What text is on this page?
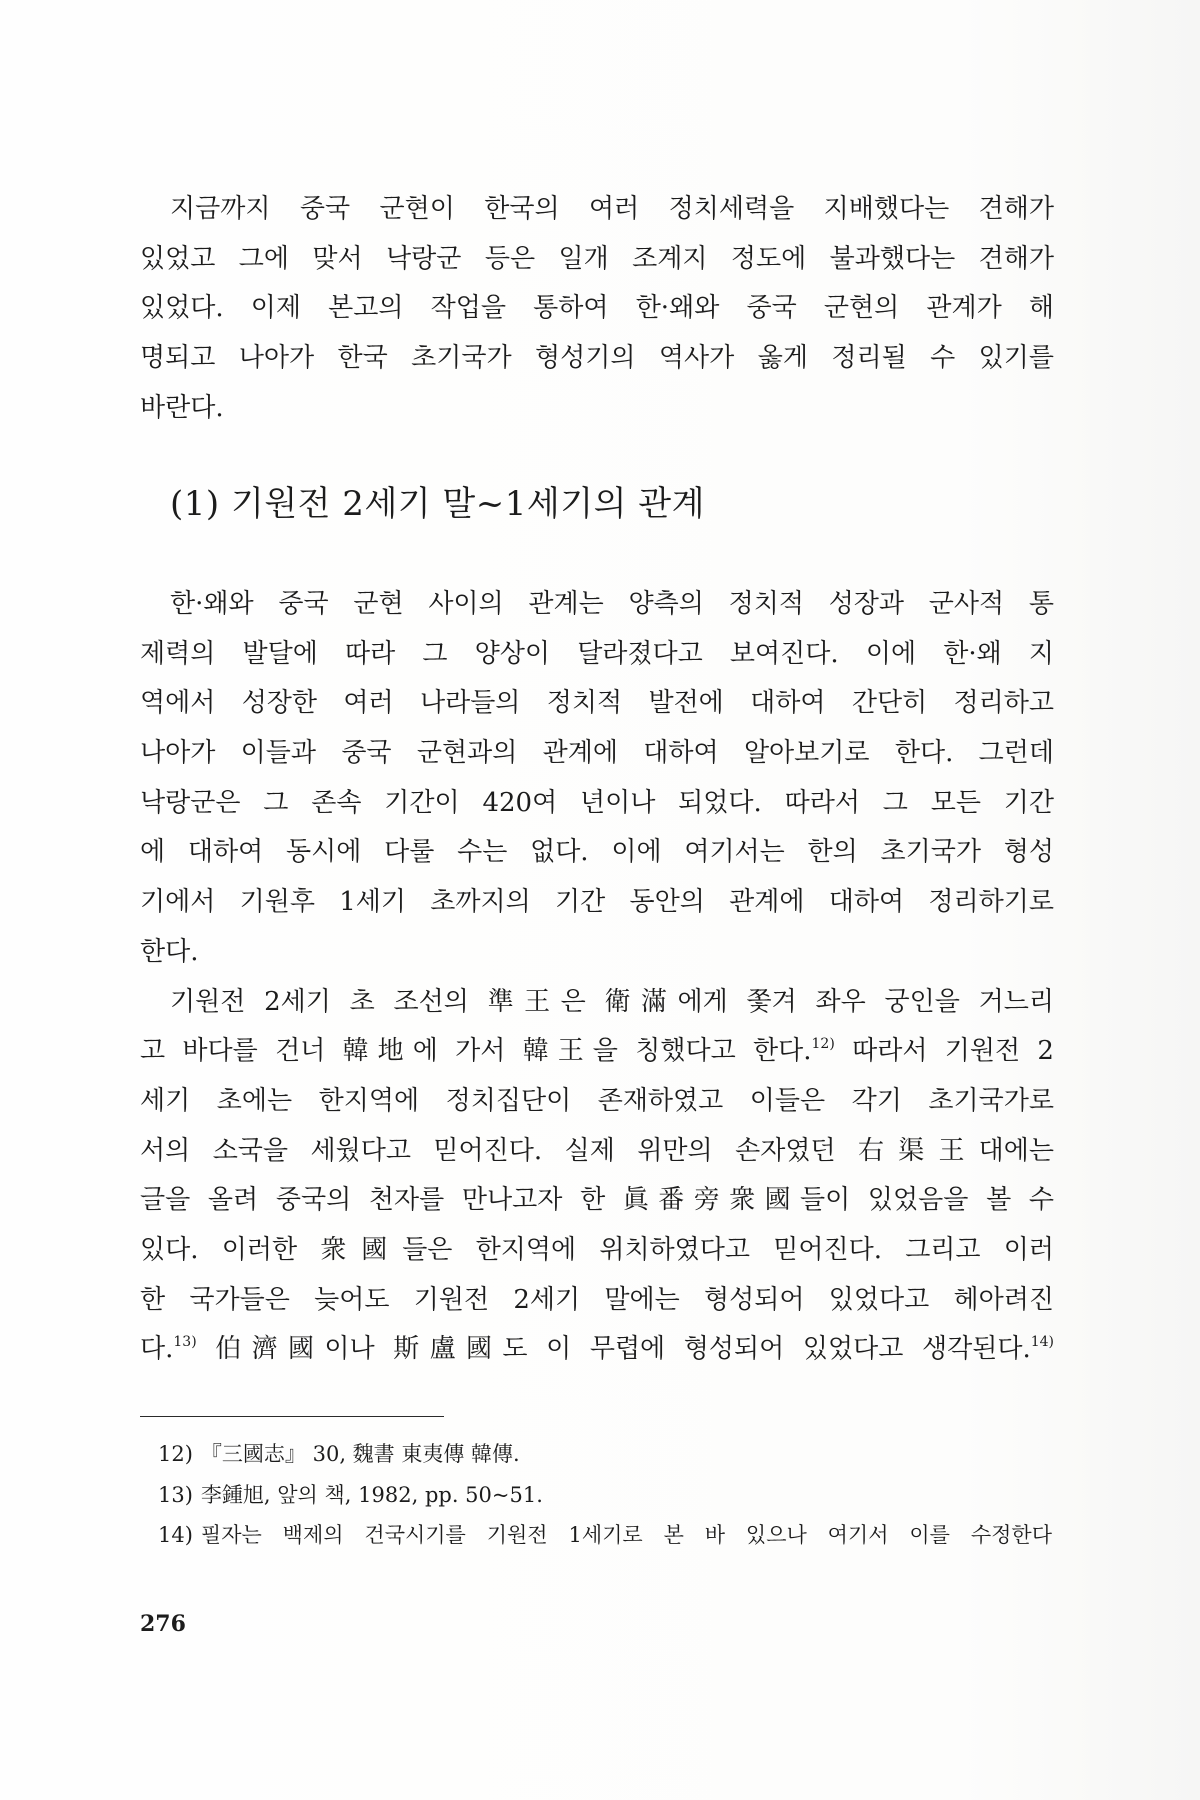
지금까지 중국 군현이 한국의 여러 정치세력을 지배했다는 견해가
있었고 그에 맞서 낙랑군 등은 일개 조계지 정도에 불과했다는 견해가
있었다. 이제 본고의 작업을 통하여 한·왜와 중국 군현의 관계가 해
명되고 나아가 한국 초기국가 형성기의 역사가 옳게 정리될 수 있기를
바란다.
(1) 기원전 2세기 말~1세기의 관계
한·왜와 중국 군현 사이의 관계는 양측의 정치적 성장과 군사적 통
제력의 발달에 따라 그 양상이 달라졌다고 보여진다. 이에 한·왜 지
역에서 성장한 여러 나라들의 정치적 발전에 대하여 간단히 정리하고
나아가 이들과 중국 군현과의 관계에 대하여 알아보기로 한다. 그런데
낙랑군은 그 존속 기간이 420여 년이나 되었다. 따라서 그 모든 기간
에 대하여 동시에 다룰 수는 없다. 이에 여기서는 한의 초기국가 형성
기에서 기원후 1세기 초까지의 기간 동안의 관계에 대하여 정리하기로
한다.
기원전 2세기 초 조선의 準王은 衛滿에게 쫓겨 좌우 궁인을 거느리
고 바다를 건너 韓地에 가서 韓王을 칭했다고 한다.$^{12)}$ 따라서 기원전 2
세기 초에는 한지역에 정치집단이 존재하였고 이들은 각기 초기국가로
서의 소국을 세웠다고 믿어진다. 실제 위만의 손자였던 右渠王대에는
글을 올려 중국의 천자를 만나고자 한 眞番旁衆國들이 있었음을 볼 수
있다. 이러한 衆國들은 한지역에 위치하였다고 믿어진다. 그리고 이러
한 국가들은 늦어도 기원전 2세기 말에는 형성되어 있었다고 헤아려진
다.$^{13)}$ 伯濟國이나 斯盧國도 이 무렵에 형성되어 있었다고 생각된다.$^{14)}$
12) 『三國志』 30, 魏書 東夷傳 韓傳.
13) 李鍾旭, 앞의 책, 1982, pp. 50~51.
14) 필자는 백제의 건국시기를 기원전 1세기로 본 바 있으나 여기서 이를 수정한다
276
